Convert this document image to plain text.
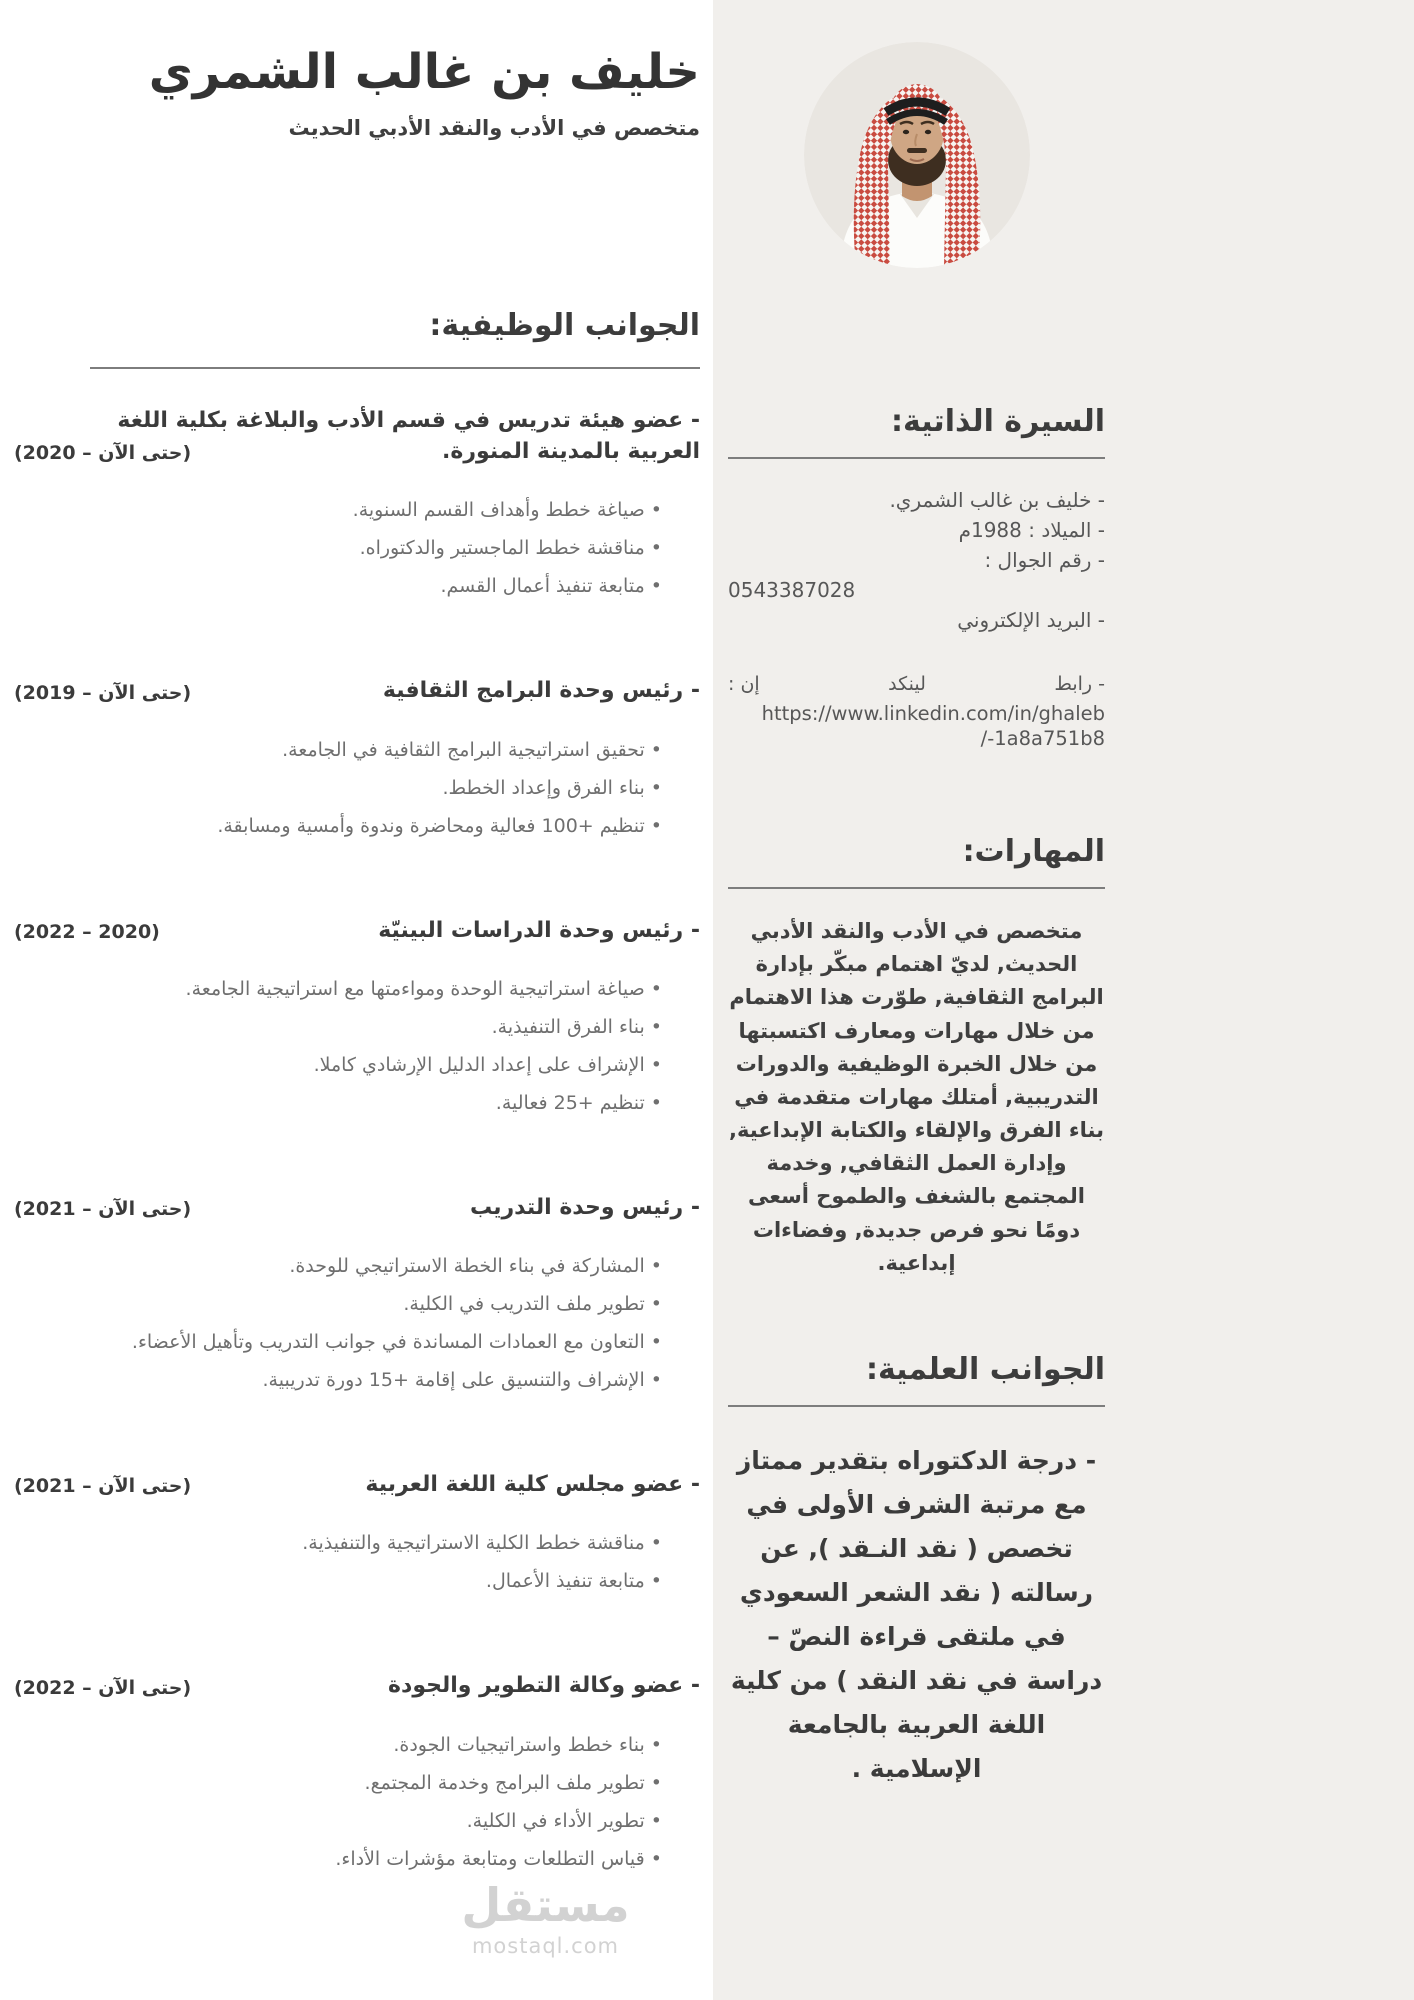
خليف بن غالب الشمري
متخصص في الأدب والنقد الأدبي الحديث
الجوانب الوظيفية:
- عضو هيئة تدريس في قسم الأدب والبلاغة بكلية اللغة العربية بالمدينة المنورة.
(2020 – حتى الآن)
• صياغة خطط وأهداف القسم السنوية.
• مناقشة خطط الماجستير والدكتوراه.
• متابعة تنفيذ أعمال القسم.
- رئيس وحدة البرامج الثقافية
(2019 – حتى الآن)
• تحقيق استراتيجية البرامج الثقافية في الجامعة.
• بناء الفرق وإعداد الخطط.
• تنظيم +100 فعالية ومحاضرة وندوة وأمسية ومسابقة.
- رئيس وحدة الدراسات البينيّة
(2022 – 2020)
• صياغة استراتيجية الوحدة ومواءمتها مع استراتيجية الجامعة.
• بناء الفرق التنفيذية.
• الإشراف على إعداد الدليل الإرشادي كاملا.
• تنظيم +25 فعالية.
- رئيس وحدة التدريب
(2021 – حتى الآن)
• المشاركة في بناء الخطة الاستراتيجي للوحدة.
• تطوير ملف التدريب في الكلية.
• التعاون مع العمادات المساندة في جوانب التدريب وتأهيل الأعضاء.
• الإشراف والتنسيق على إقامة +15 دورة تدريبية.
- عضو مجلس كلية اللغة العربية
(2021 – حتى الآن)
• مناقشة خطط الكلية الاستراتيجية والتنفيذية.
• متابعة تنفيذ الأعمال.
- عضو وكالة التطوير والجودة
(2022 – حتى الآن)
• بناء خطط واستراتيجيات الجودة.
• تطوير ملف البرامج وخدمة المجتمع.
• تطوير الأداء في الكلية.
• قياس التطلعات ومتابعة مؤشرات الأداء.
السيرة الذاتية:
- خليف بن غالب الشمري.
- الميلاد : 1988م
- رقم الجوال :
0543387028
- البريد الإلكتروني
- رابط
لينكد
إن :
https://www.linkedin.com/in/ghaleb
/-1a8a751b8
المهارات:

متخصص في الأدب والنقد الأدبي الحديث, لديّ اهتمام مبكّر بإدارة البرامج الثقافية, طوّرت هذا الاهتمام من خلال مهارات ومعارف اكتسبتها من خلال الخبرة الوظيفية والدورات التدريبية, أمتلك مهارات متقدمة في بناء الفرق والإلقاء والكتابة الإبداعية, وإدارة العمل الثقافي, وخدمة المجتمع بالشغف والطموح أسعى دومًا نحو فرص جديدة, وفضاءات إبداعية.

الجوانب العلمية:

- درجة الدكتوراه بتقدير ممتاز مع مرتبة الشرف الأولى في تخصص ( نقد النـقد ), عن رسالته ( نقد الشعر السعودي في ملتقى قراءة النصّ – دراسة في نقد النقد ) من كلية اللغة العربية بالجامعة الإسلامية .

مستقل
mostaql.com
